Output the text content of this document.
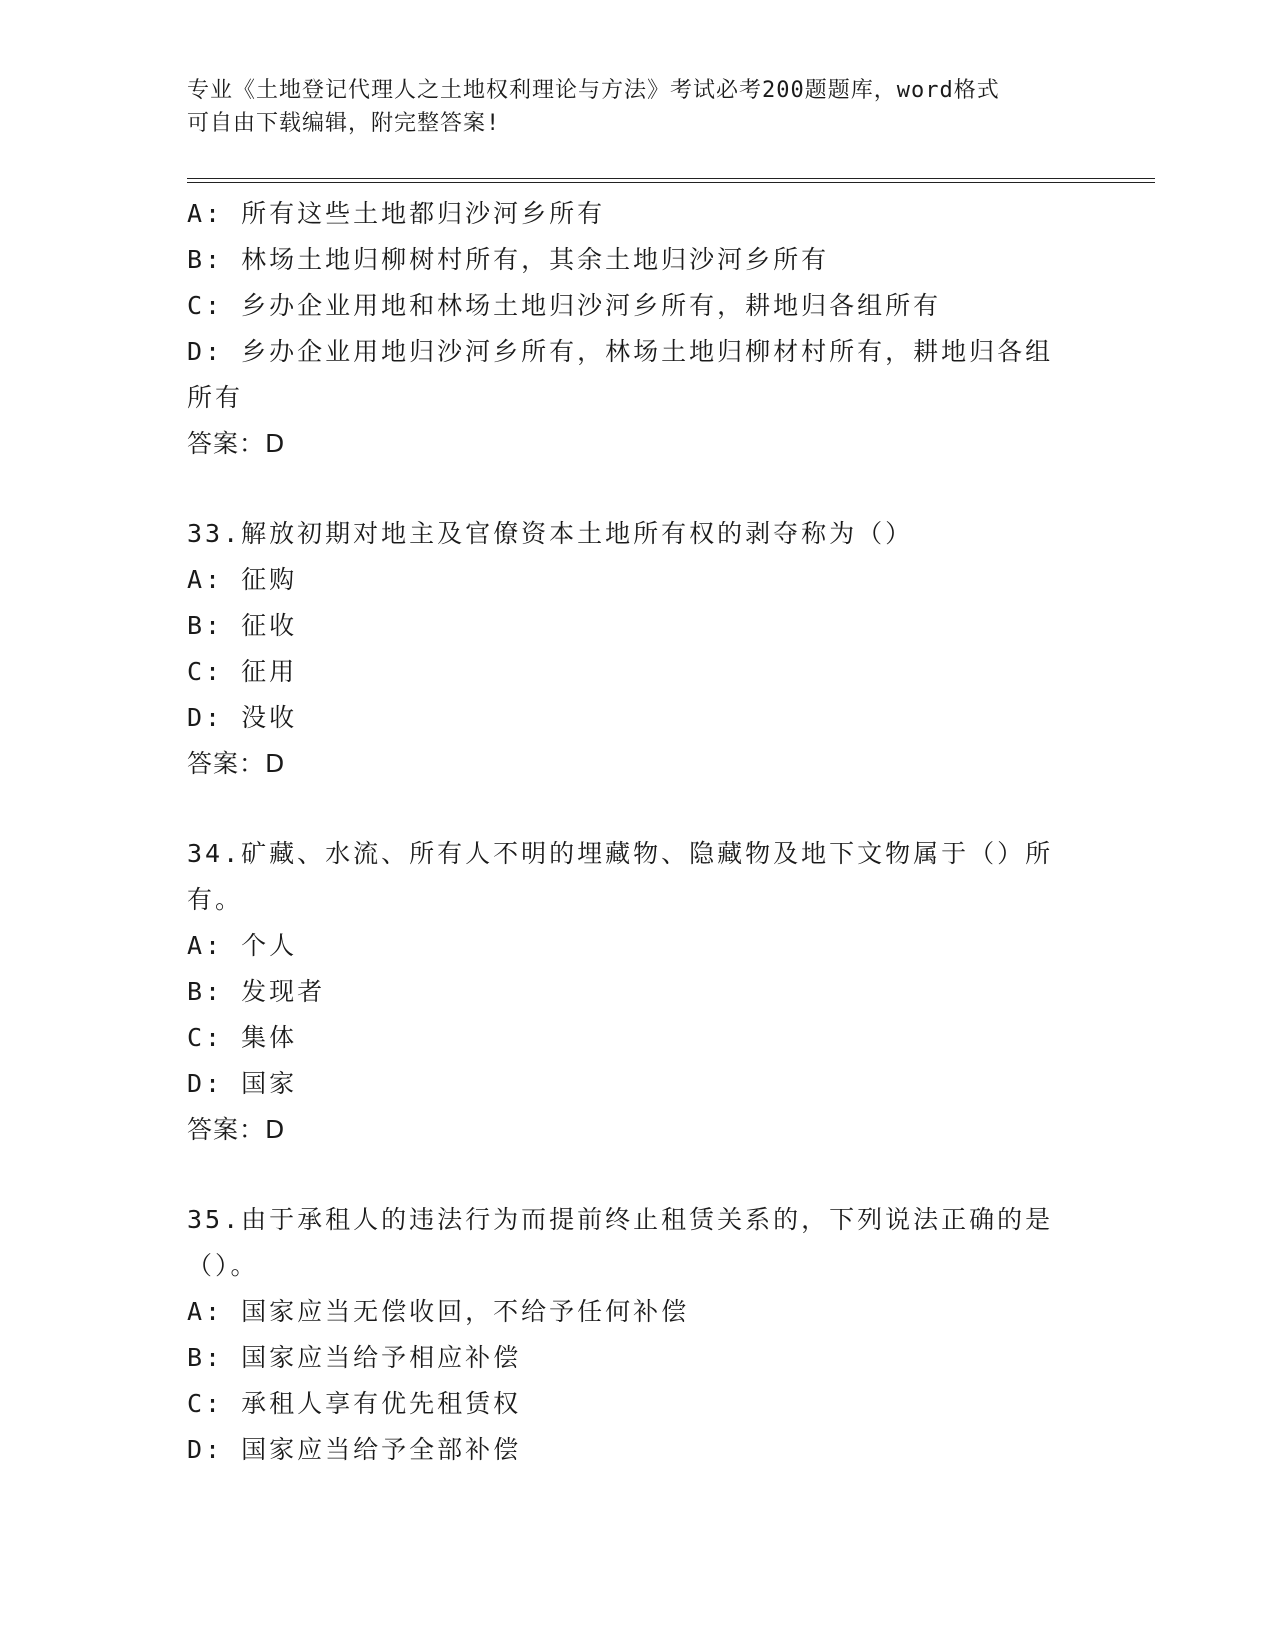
专业《土地登记代理人之土地权利理论与方法》考试必考200题题库，word格式
可自由下载编辑，附完整答案!
A: 所有这些土地都归沙河乡所有
B: 林场土地归柳树村所有，其余土地归沙河乡所有
C: 乡办企业用地和林场土地归沙河乡所有，耕地归各组所有
D: 乡办企业用地归沙河乡所有，林场土地归柳材村所有，耕地归各组
所有
答案：D
33.解放初期对地主及官僚资本土地所有权的剥夺称为（）
A: 征购
B: 征收
C: 征用
D: 没收
答案：D
34.矿藏、水流、所有人不明的埋藏物、隐藏物及地下文物属于（）所
有。
A: 个人
B: 发现者
C: 集体
D: 国家
答案：D
35.由于承租人的违法行为而提前终止租赁关系的，下列说法正确的是
（）。
A: 国家应当无偿收回，不给予任何补偿
B: 国家应当给予相应补偿
C: 承租人享有优先租赁权
D: 国家应当给予全部补偿
